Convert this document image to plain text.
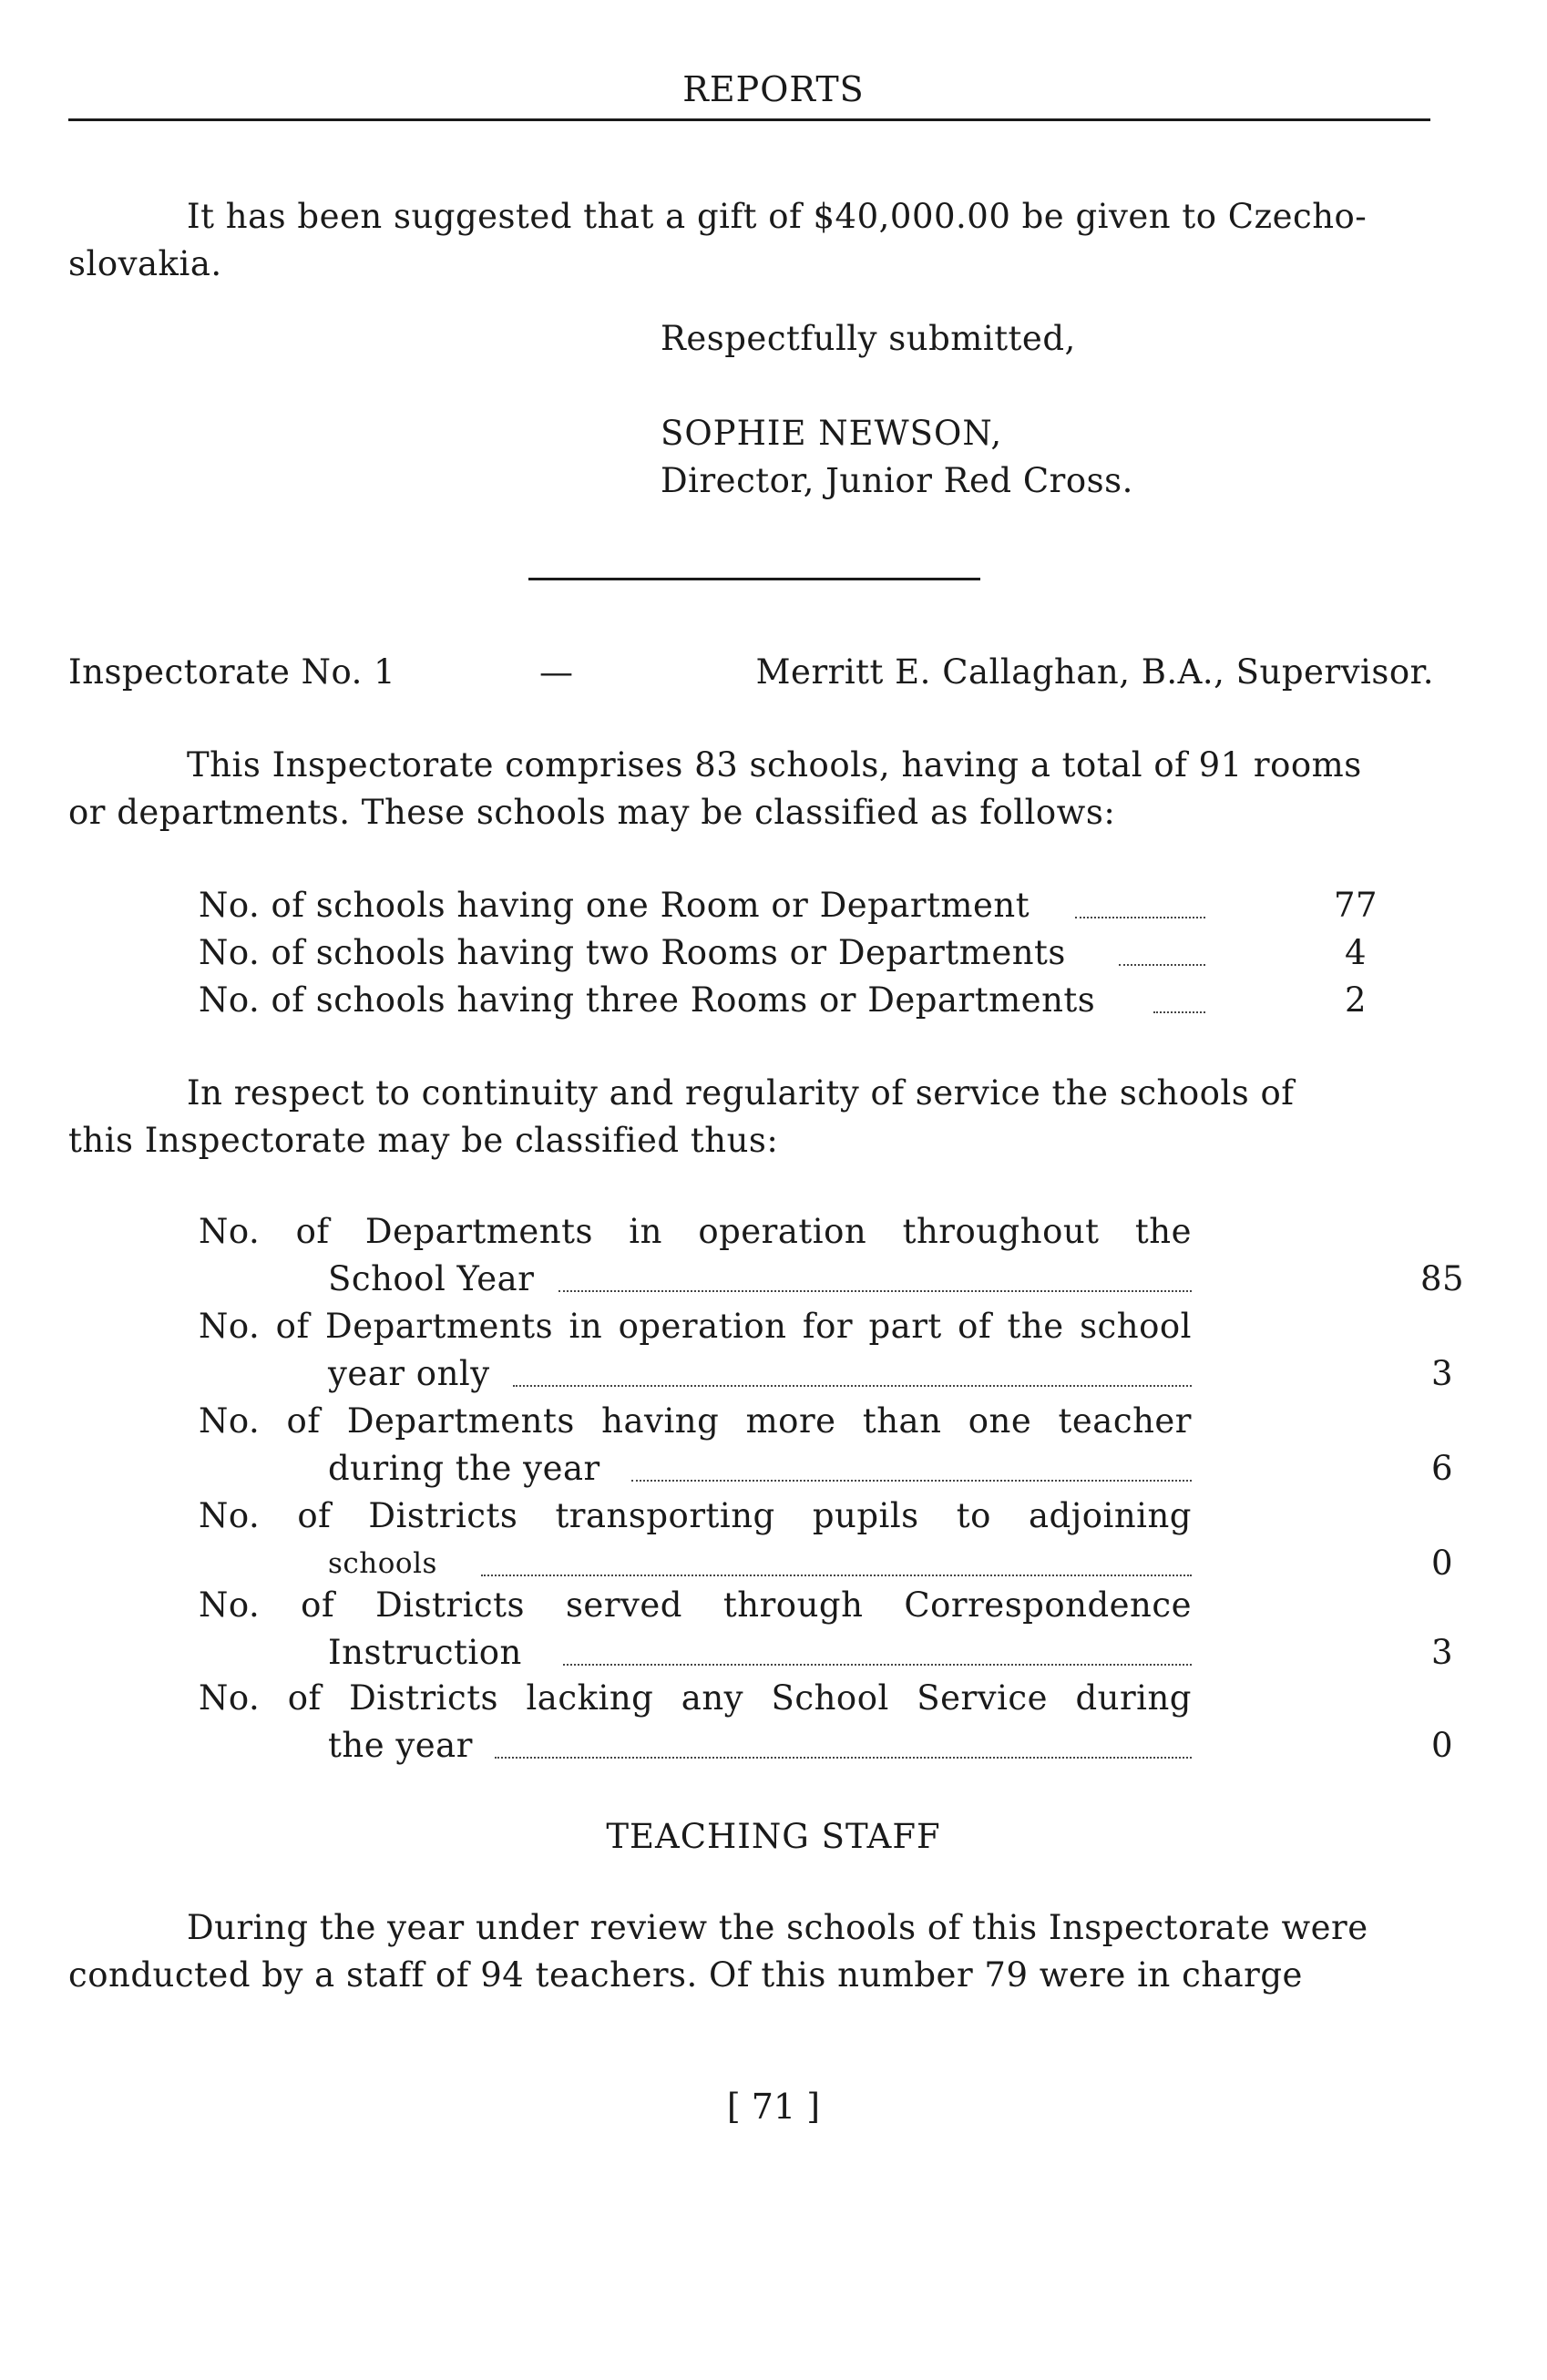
REPORTS
It has been suggested that a gift of $40,000.00 be given to Czecho-
slovakia.
Respectfully submitted,
SOPHIE NEWSON,
Director, Junior Red Cross.
Inspectorate No. 1	—	Merritt E. Callaghan, B.A., Supervisor.
This Inspectorate comprises 83 schools, having a total of 91 rooms
or departments. These schools may be classified as follows:
No. of schools having one Room or Department	77
No. of schools having two Rooms or Departments	4
No. of schools having three Rooms or Departments	2
In respect to continuity and regularity of service the schools of
this Inspectorate may be classified thus:
No. of Departments in operation throughout the
School Year	85
No. of Departments in operation for part of the school
year only	3
No. of Departments having more than one teacher
during the year	6
No. of Districts transporting pupils to adjoining
schools	0
No. of Districts served through Correspondence
Instruction	3
No. of Districts lacking any School Service during
the year	0
TEACHING STAFF
During the year under review the schools of this Inspectorate were
conducted by a staff of 94 teachers. Of this number 79 were in charge
[ 71 ]
